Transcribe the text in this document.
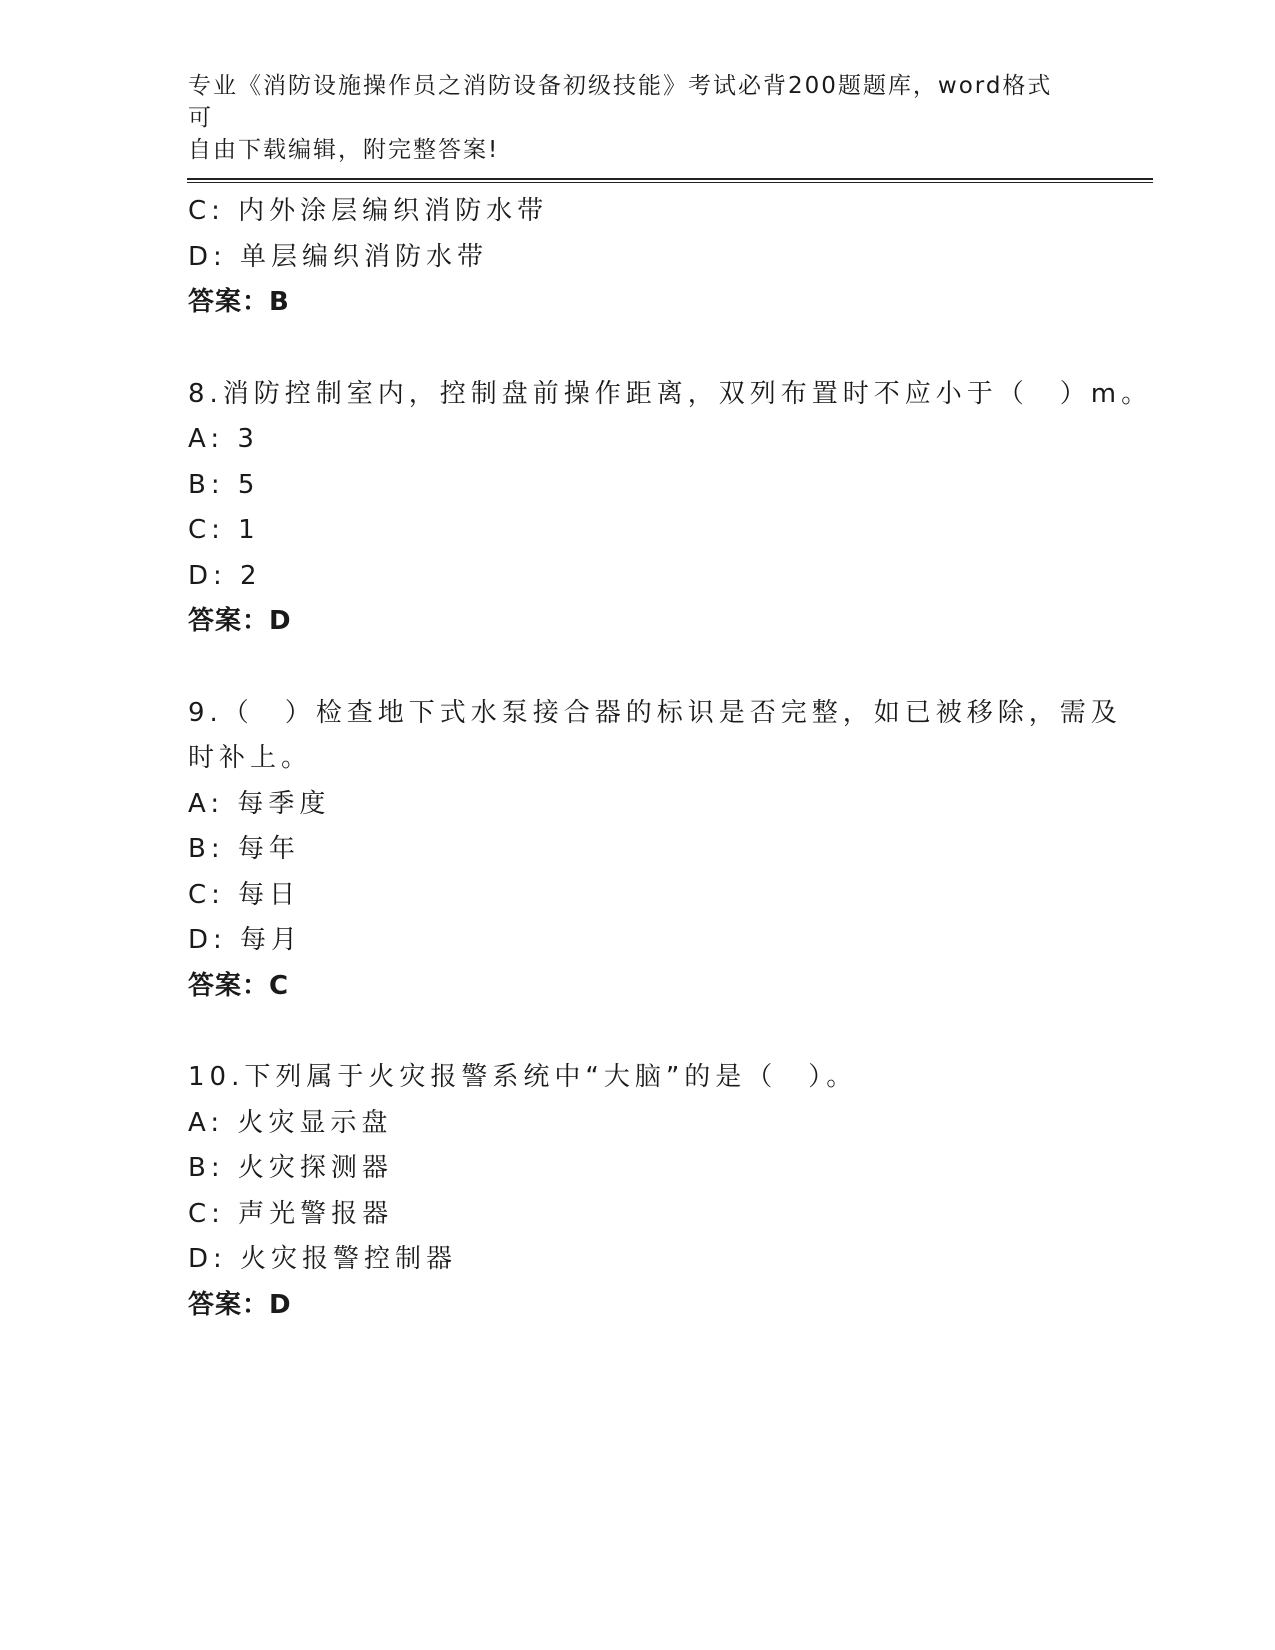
专业《消防设施操作员之消防设备初级技能》考试必背200题题库，word格式可
自由下载编辑，附完整答案!
C: 内外涂层编织消防水带
D: 单层编织消防水带
答案：B
8.消防控制室内，控制盘前操作距离，双列布置时不应小于（　）m。
A: 3
B: 5
C: 1
D: 2
答案：D
9.（　）检查地下式水泵接合器的标识是否完整，如已被移除，需及
时补上。
A: 每季度
B: 每年
C: 每日
D: 每月
答案：C
10.下列属于火灾报警系统中“大脑”的是（　）。
A: 火灾显示盘
B: 火灾探测器
C: 声光警报器
D: 火灾报警控制器
答案：D
